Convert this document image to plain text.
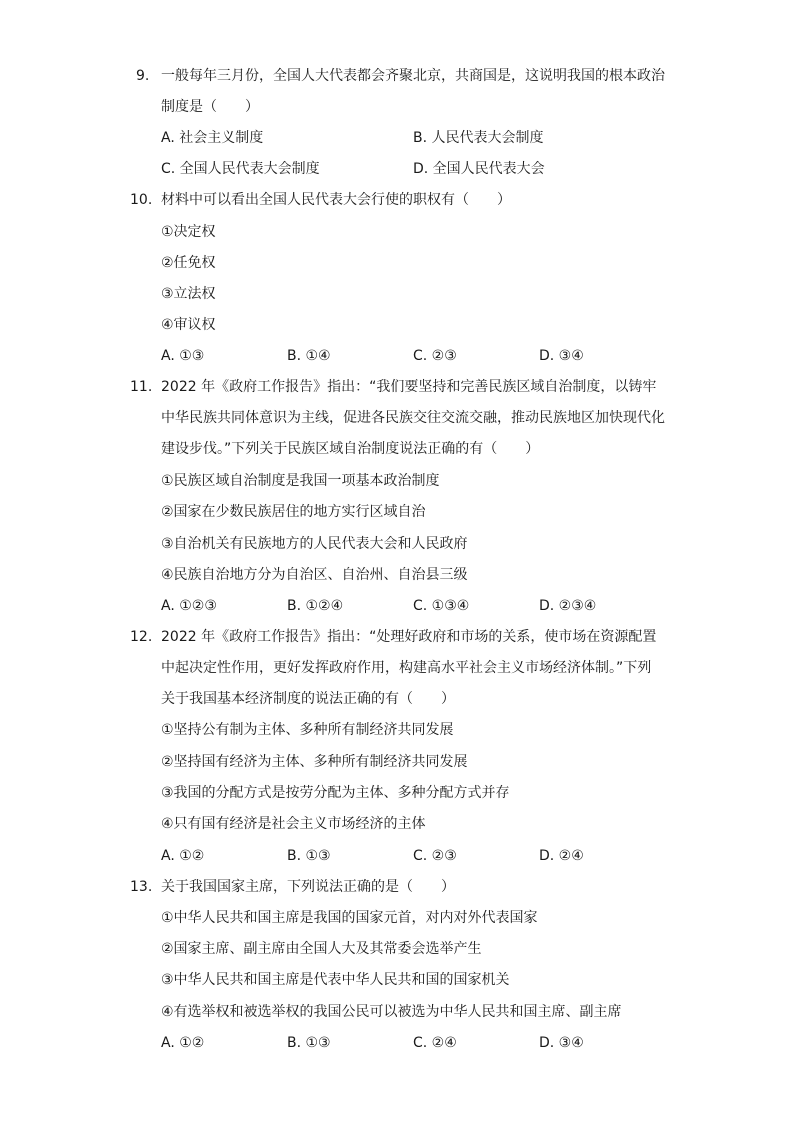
9. 一般每年三月份，全国人大代表都会齐聚北京，共商国是，这说明我国的根本政治
制度是（　　）
A. 社会主义制度	B. 人民代表大会制度
C. 全国人民代表大会制度	D. 全国人民代表大会
10. 材料中可以看出全国人民代表大会行使的职权有（　　）
①决定权
②任免权
③立法权
④审议权
A. ①③	B. ①④	C. ②③	D. ③④
11. 2022 年《政府工作报告》指出：“我们要坚持和完善民族区域自治制度，以铸牢
中华民族共同体意识为主线，促进各民族交往交流交融，推动民族地区加快现代化
建设步伐。”下列关于民族区域自治制度说法正确的有（　　）
①民族区域自治制度是我国一项基本政治制度
②国家在少数民族居住的地方实行区域自治
③自治机关有民族地方的人民代表大会和人民政府
④民族自治地方分为自治区、自治州、自治县三级
A. ①②③	B. ①②④	C. ①③④	D. ②③④
12. 2022 年《政府工作报告》指出：“处理好政府和市场的关系，使市场在资源配置
中起决定性作用，更好发挥政府作用，构建高水平社会主义市场经济体制。”下列
关于我国基本经济制度的说法正确的有（　　）
①坚持公有制为主体、多种所有制经济共同发展
②坚持国有经济为主体、多种所有制经济共同发展
③我国的分配方式是按劳分配为主体、多种分配方式并存
④只有国有经济是社会主义市场经济的主体
A. ①②	B. ①③	C. ②③	D. ②④
13. 关于我国国家主席，下列说法正确的是（　　）
①中华人民共和国主席是我国的国家元首，对内对外代表国家
②国家主席、副主席由全国人大及其常委会选举产生
③中华人民共和国主席是代表中华人民共和国的国家机关
④有选举权和被选举权的我国公民可以被选为中华人民共和国主席、副主席
A. ①②	B. ①③	C. ②④	D. ③④
